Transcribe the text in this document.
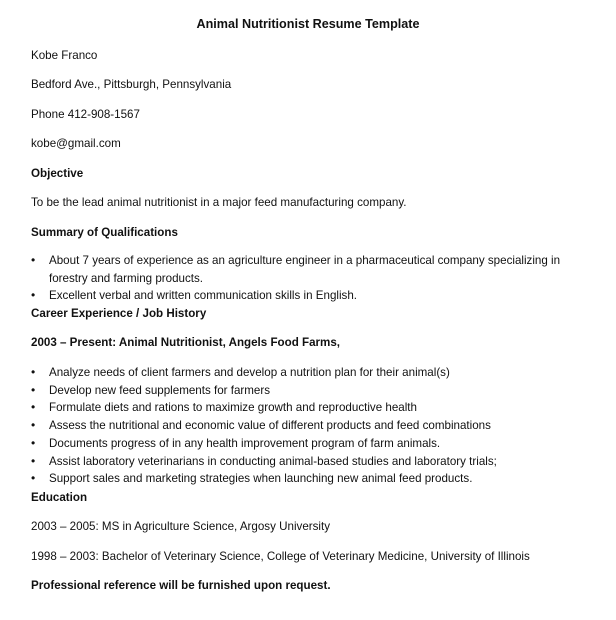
Animal Nutritionist Resume Template
Kobe Franco
Bedford Ave., Pittsburgh, Pennsylvania
Phone 412-908-1567
kobe@gmail.com
Objective
To be the lead animal nutritionist in a major feed manufacturing company.
Summary of Qualifications
• About 7 years of experience as an agriculture engineer in a pharmaceutical company specializing in forestry and farming products.
• Excellent verbal and written communication skills in English.
Career Experience / Job History
2003 – Present: Animal Nutritionist, Angels Food Farms,
• Analyze needs of client farmers and develop a nutrition plan for their animal(s)
• Develop new feed supplements for farmers
• Formulate diets and rations to maximize growth and reproductive health
• Assess the nutritional and economic value of different products and feed combinations
• Documents progress of in any health improvement program of farm animals.
• Assist laboratory veterinarians in conducting animal-based studies and laboratory trials;
• Support sales and marketing strategies when launching new animal feed products.
Education
2003 – 2005: MS in Agriculture Science, Argosy University
1998 – 2003: Bachelor of Veterinary Science, College of Veterinary Medicine, University of Illinois
Professional reference will be furnished upon request.
